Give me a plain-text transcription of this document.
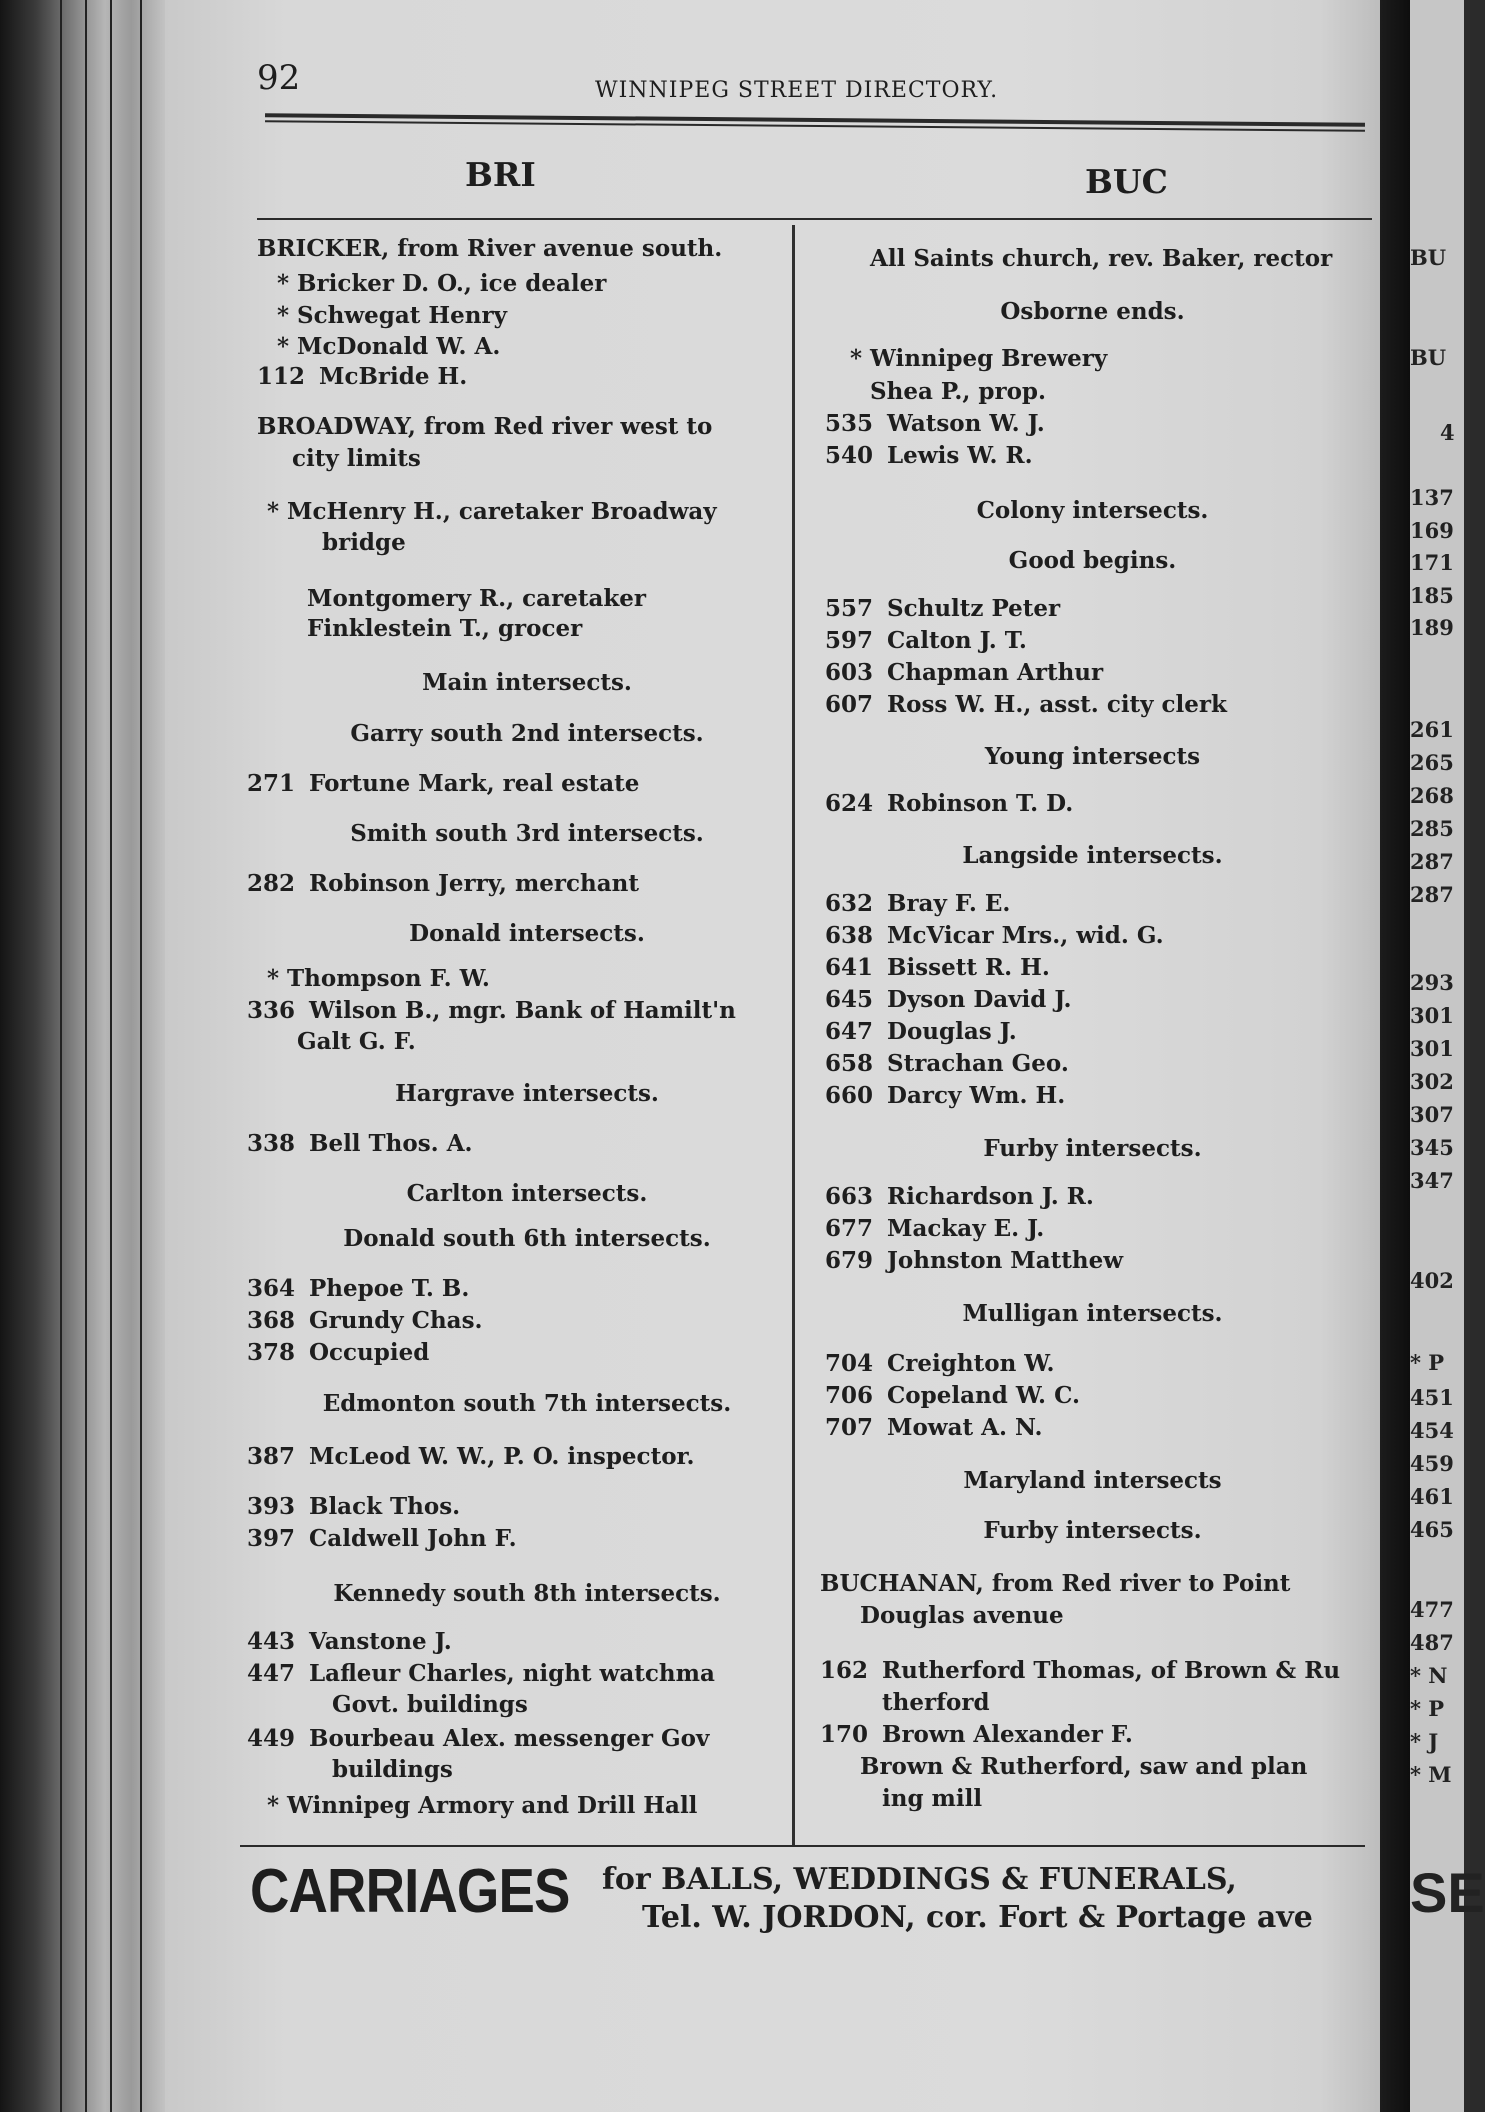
92	WINNIPEG STREET DIRECTORY.
BRI	BUC
BRICKER, from River avenue south.
* Bricker D. O., ice dealer
* Schwegat Henry
* McDonald W. A.
112 McBride H.
BROADWAY, from Red river west to
city limits
* McHenry H., caretaker Broadway
bridge
Montgomery R., caretaker
Finklestein T., grocer
Main intersects.
Garry south 2nd intersects.
271 Fortune Mark, real estate
Smith south 3rd intersects.
282 Robinson Jerry, merchant
Donald intersects.
* Thompson F. W.
336 Wilson B., mgr. Bank of Hamilt'n
Galt G. F.
Hargrave intersects.
338 Bell Thos. A.
Carlton intersects.
Donald south 6th intersects.
364 Phepoe T. B.
368 Grundy Chas.
378 Occupied
Edmonton south 7th intersects.
387 McLeod W. W., P. O. inspector.
393 Black Thos.
397 Caldwell John F.
Kennedy south 8th intersects.
443 Vanstone J.
447 Lafleur Charles, night watchma
Govt. buildings
449 Bourbeau Alex. messenger Gov
buildings
* Winnipeg Armory and Drill Hall
All Saints church, rev. Baker, rector
Osborne ends.
* Winnipeg Brewery
Shea P., prop.
535 Watson W. J.
540 Lewis W. R.
Colony intersects.
Good begins.
557 Schultz Peter
597 Calton J. T.
603 Chapman Arthur
607 Ross W. H., asst. city clerk
Young intersects
624 Robinson T. D.
Langside intersects.
632 Bray F. E.
638 McVicar Mrs., wid. G.
641 Bissett R. H.
645 Dyson David J.
647 Douglas J.
658 Strachan Geo.
660 Darcy Wm. H.
Furby intersects.
663 Richardson J. R.
677 Mackay E. J.
679 Johnston Matthew
Mulligan intersects.
704 Creighton W.
706 Copeland W. C.
707 Mowat A. N.
Maryland intersects
Furby intersects.
BUCHANAN, from Red river to Point
Douglas avenue
162 Rutherford Thomas, of Brown & Ru
therford
170 Brown Alexander F.
Brown & Rutherford, saw and plan
ing mill
CARRIAGES for BALLS, WEDDINGS & FUNERALS,
Tel. W. JORDON, cor. Fort & Portage ave
BU
BU
4
137
169
171
185
189
261
265
268
285
287
287
293
301
301
302
307
345
347
402
* P
451
454
459
461
465
477
487
* N
* P
* J
* M
SE
